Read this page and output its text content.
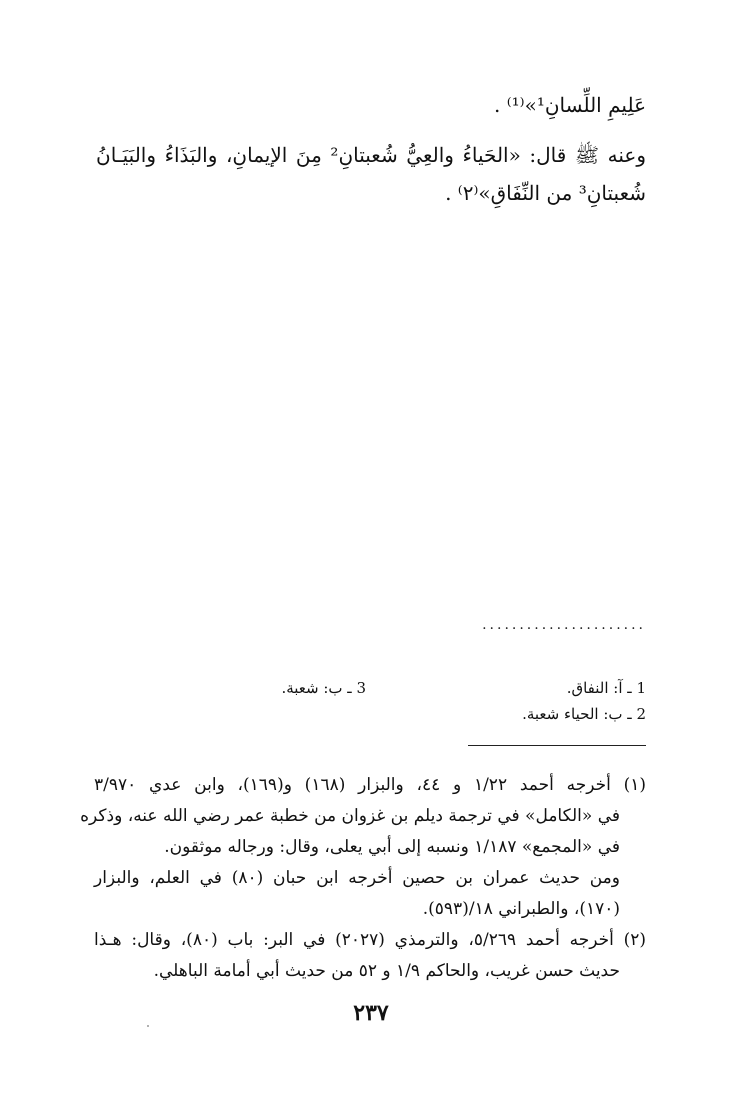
عَلِيمِ اللِّسانِ¹»⁽¹⁾ .
وعنه ﷺ قال: «الحَياءُ والعِيُّ شُعبتانِ² مِنَ الإيمانِ، والبَذَاءُ والبَيَـانُ
شُعبتانِ³ من النِّفَاقِ»⁽٢⁾ .
......................
1 ـ آ: النفاق.
3 ـ ب: شعبة.
2 ـ ب: الحياء شعبة.
(١) أخرجه أحمد ١/٢٢ و ٤٤، والبزار (١٦٨) و(١٦٩)، وابن عدي ٣/٩٧٠
في «الكامل» في ترجمة ديلم بن غزوان من خطبة عمر رضي الله عنه، وذكره
في «المجمع» ١/١٨٧ ونسبه إلى أبي يعلى، وقال: ورجاله موثقون.
ومن حديث عمران بن حصين أخرجه ابن حبان (٨٠) في العلم، والبزار
(١٧٠)، والطبراني ١٨/(٥٩٣).
(٢) أخرجه أحمد ٥/٢٦٩، والترمذي (٢٠٢٧) في البر: باب (٨٠)، وقال: هـذا
حديث حسن غريب، والحاكم ١/٩ و ٥٢ من حديث أبي أمامة الباهلي.
٢٣٧
